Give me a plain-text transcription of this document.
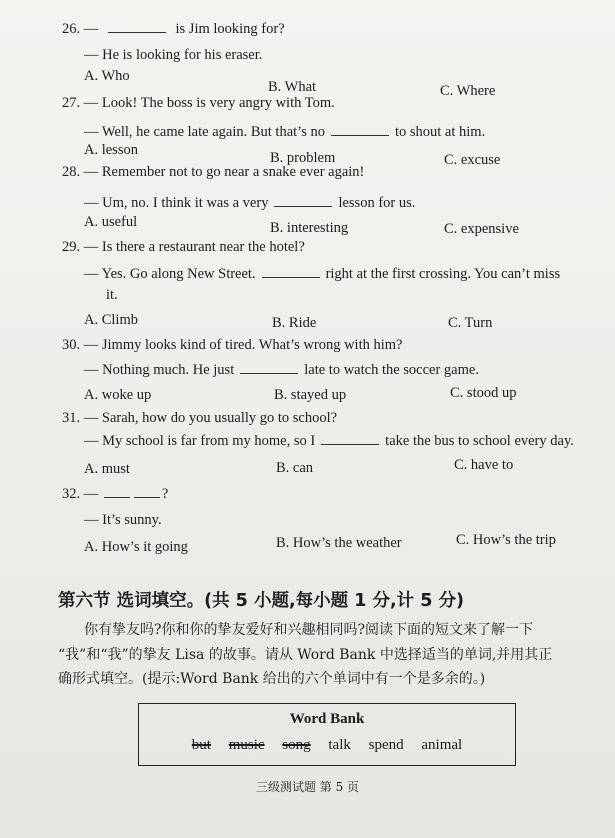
26. —	is Jim looking for?
— He is looking for his eraser.
A. Who
B. What	C. Where
27. — Look! The boss is very angry with Tom.
— Well, he came late again. But that’s no	to shout at him.
A. lesson	B. problem	C. excuse
28. — Remember not to go near a snake ever again!
— Um, no. I think it was a very	lesson for us.
A. useful	B. interesting	C. expensive
29. — Is there a restaurant near the hotel?
— Yes. Go along New Street.	right at the first crossing. You can’t miss
it.
A. Climb	B. Ride	C. Turn
30. — Jimmy looks kind of tired. What’s wrong with him?
— Nothing much. He just	late to watch the soccer game.
A. woke up	B. stayed up	C. stood up
31. — Sarah, how do you usually go to school?
— My school is far from my home, so I	take the bus to school every day.
A. must	B. can	C. have to
32. —	?
— It’s sunny.
A. How’s it going	B. How’s the weather	C. How’s the trip
第六节 选词填空。(共 5 小题,每小题 1 分,计 5 分)
你有挚友吗?你和你的挚友爱好和兴趣相同吗?阅读下面的短文来了解一下
“我”和“我”的挚友 Lisa 的故事。请从 Word Bank 中选择适当的单词,并用其正
确形式填空。(提示:Word Bank 给出的六个单词中有一个是多余的。)
Word Bank
but music song talk spend animal
三级测试题 第 5 页
